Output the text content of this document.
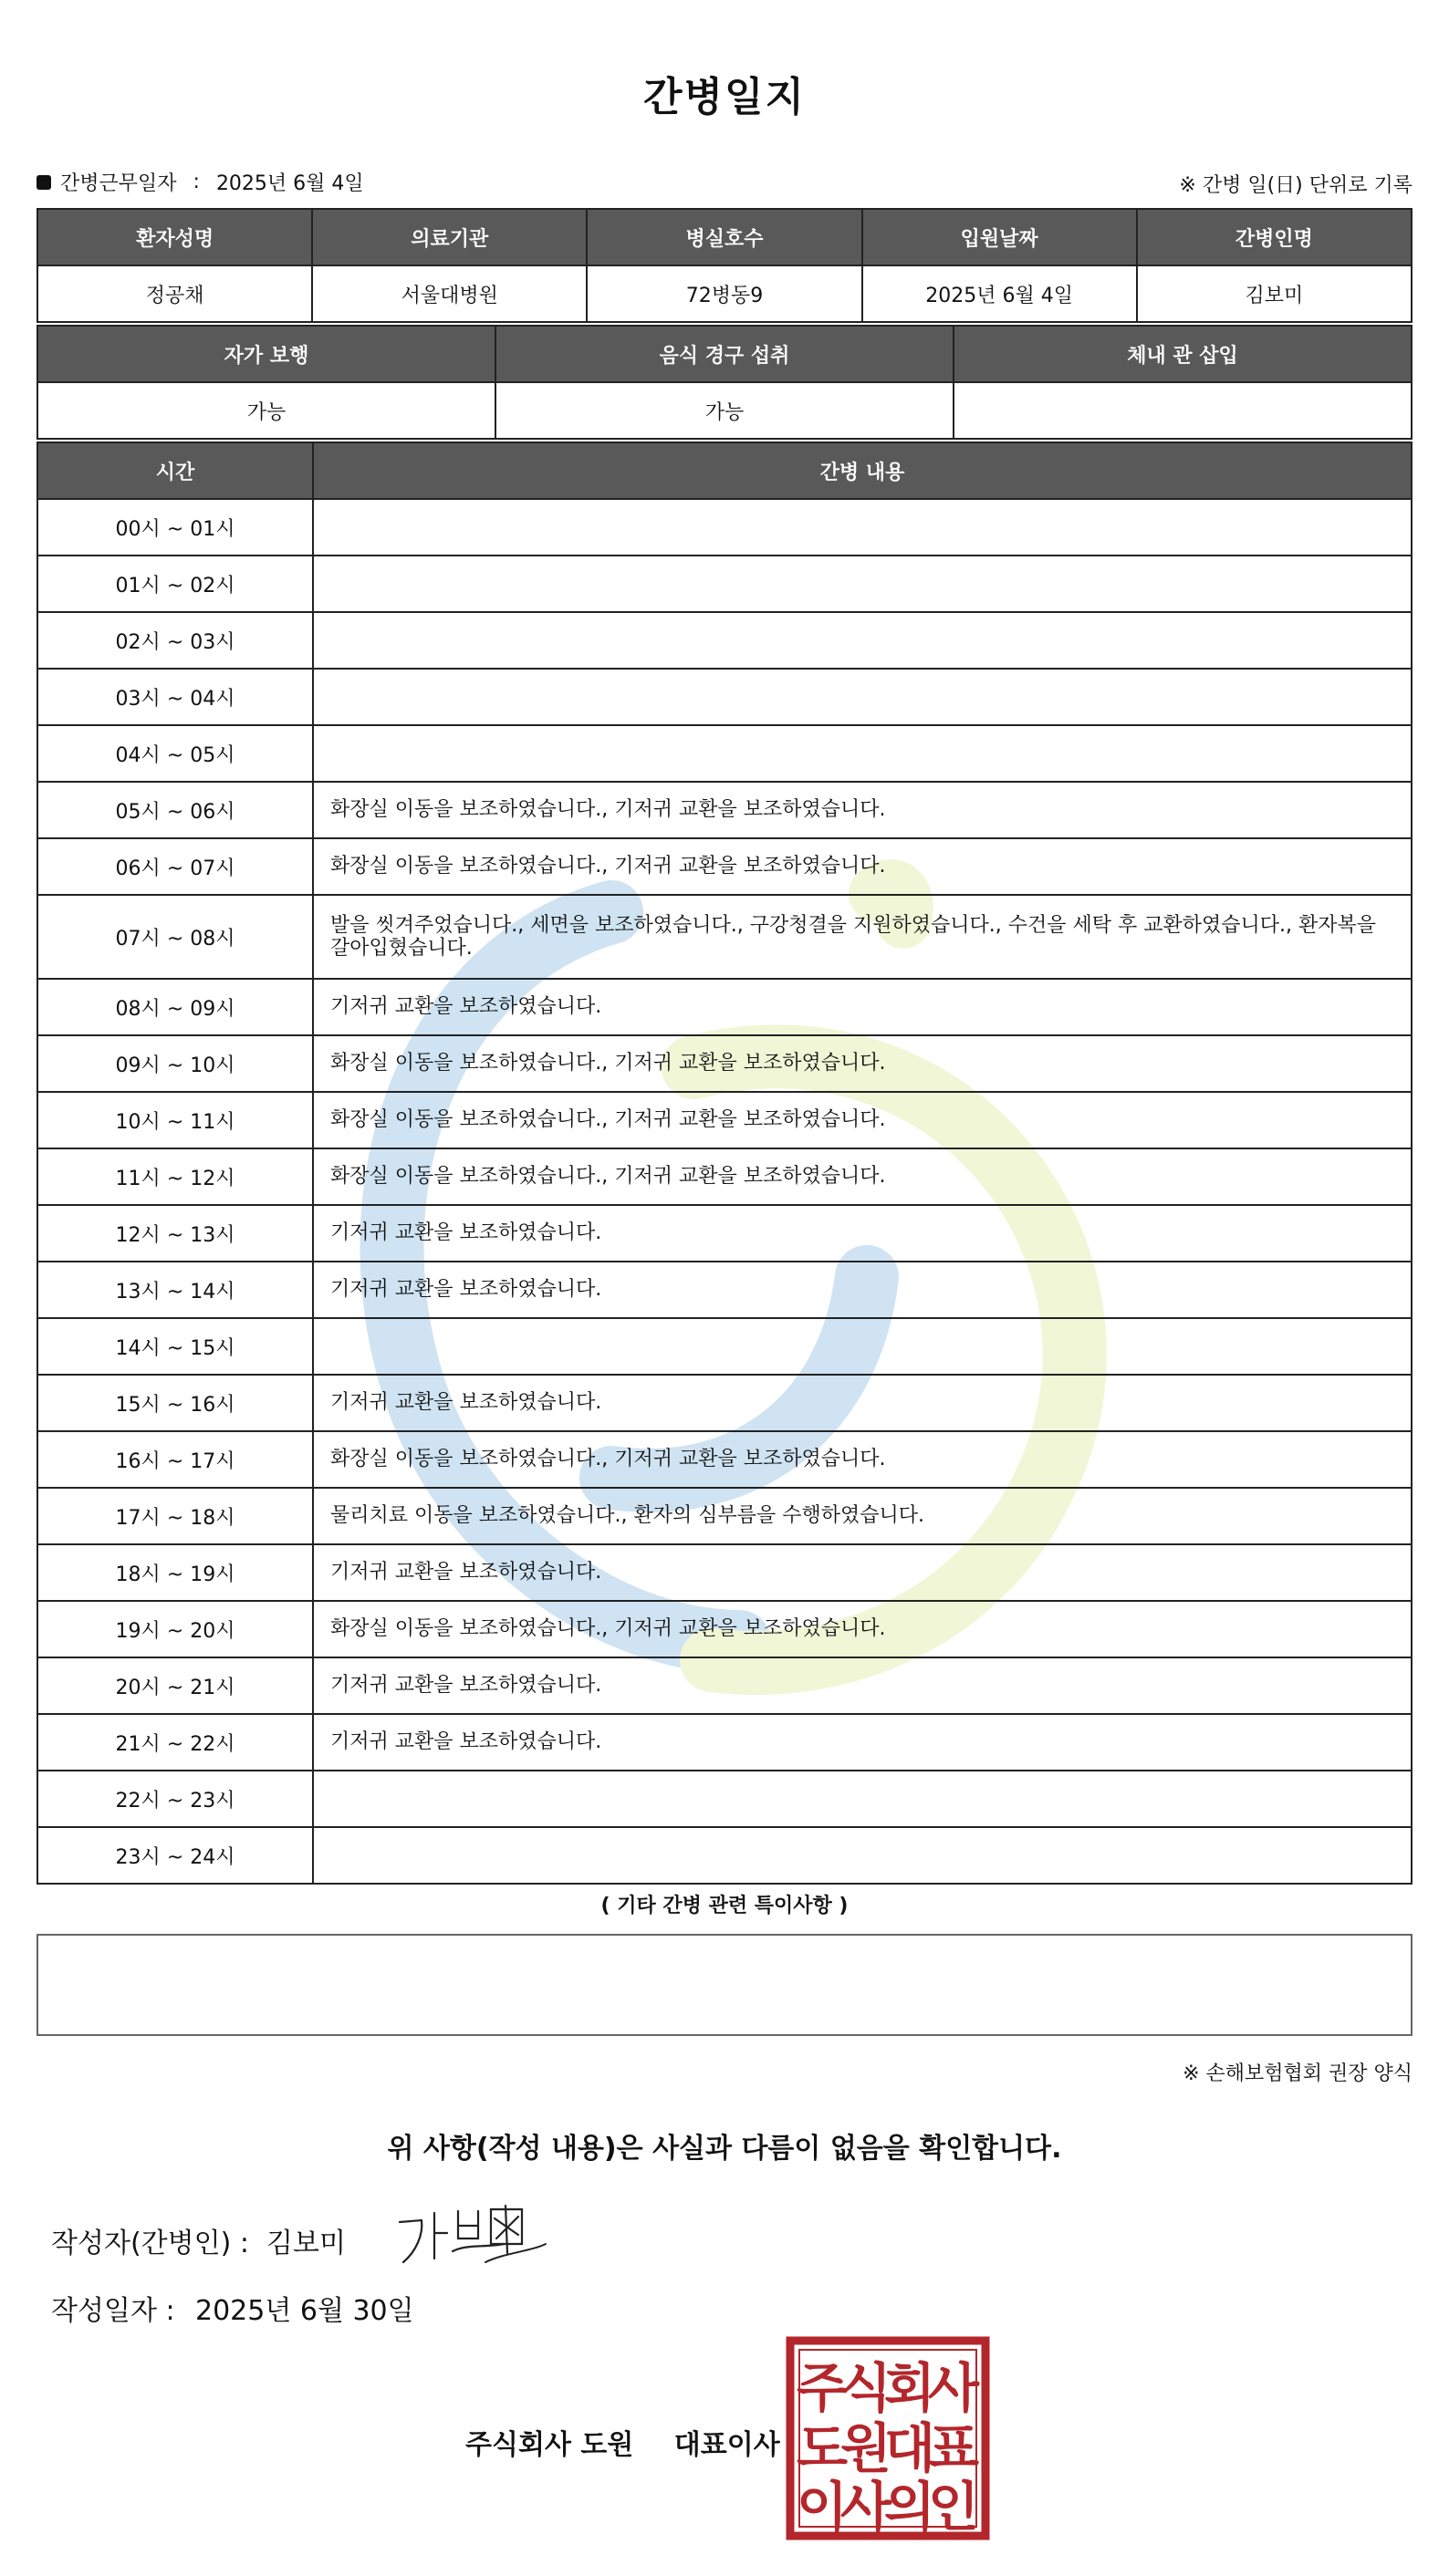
간병일지
간병근무일자 : 2025년 6월 4일	※ 간병 일(日) 단위로 기록
환자성명	의료기관	병실호수	입원날짜	간병인명
정공채	서울대병원	72병동9	2025년 6월 4일	김보미
자가 보행	음식 경구 섭취	체내 관 삽입
가능	가능	
시간	간병 내용
00시 ~ 01시	
01시 ~ 02시	
02시 ~ 03시	
03시 ~ 04시	
04시 ~ 05시	
05시 ~ 06시	화장실 이동을 보조하였습니다., 기저귀 교환을 보조하였습니다.
06시 ~ 07시	화장실 이동을 보조하였습니다., 기저귀 교환을 보조하였습니다.
07시 ~ 08시	발을 씻겨주었습니다., 세면을 보조하였습니다., 구강청결을 지원하였습니다., 수건을 세탁 후 교환하였습니다., 환자복을 갈아입혔습니다.
08시 ~ 09시	기저귀 교환을 보조하였습니다.
09시 ~ 10시	화장실 이동을 보조하였습니다., 기저귀 교환을 보조하였습니다.
10시 ~ 11시	화장실 이동을 보조하였습니다., 기저귀 교환을 보조하였습니다.
11시 ~ 12시	화장실 이동을 보조하였습니다., 기저귀 교환을 보조하였습니다.
12시 ~ 13시	기저귀 교환을 보조하였습니다.
13시 ~ 14시	기저귀 교환을 보조하였습니다.
14시 ~ 15시	
15시 ~ 16시	기저귀 교환을 보조하였습니다.
16시 ~ 17시	화장실 이동을 보조하였습니다., 기저귀 교환을 보조하였습니다.
17시 ~ 18시	물리치료 이동을 보조하였습니다., 환자의 심부름을 수행하였습니다.
18시 ~ 19시	기저귀 교환을 보조하였습니다.
19시 ~ 20시	화장실 이동을 보조하였습니다., 기저귀 교환을 보조하였습니다.
20시 ~ 21시	기저귀 교환을 보조하였습니다.
21시 ~ 22시	기저귀 교환을 보조하였습니다.
22시 ~ 23시	
23시 ~ 24시	
( 기타 간병 관련 특이사항 )
※ 손해보험협회 권장 양식
위 사항(작성 내용)은 사실과 다름이 없음을 확인합니다.
작성자(간병인) : 김보미
작성일자 : 2025년 6월 30일
주식회사 도원 대표이사
주
식
회
사
도
원
대
표
이
사
의
인
